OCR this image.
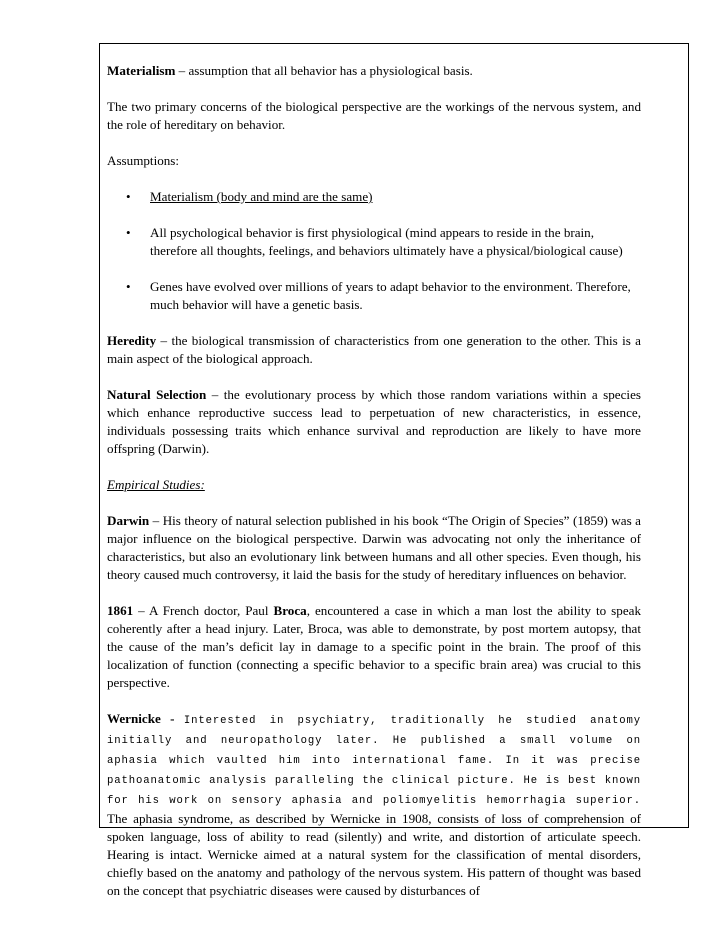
Materialism – assumption that all behavior has a physiological basis.

The two primary concerns of the biological perspective are the workings of the nervous system, and the role of hereditary on behavior.

Assumptions:

• Materialism (body and mind are the same)
• All psychological behavior is first physiological (mind appears to reside in the brain, therefore all thoughts, feelings, and behaviors ultimately have a physical/biological cause)
• Genes have evolved over millions of years to adapt behavior to the environment. Therefore, much behavior will have a genetic basis.

Heredity – the biological transmission of characteristics from one generation to the other. This is a main aspect of the biological approach.

Natural Selection – the evolutionary process by which those random variations within a species which enhance reproductive success lead to perpetuation of new characteristics, in essence, individuals possessing traits which enhance survival and reproduction are likely to have more offspring (Darwin).

Empirical Studies:

Darwin – His theory of natural selection published in his book “The Origin of Species” (1859) was a major influence on the biological perspective. Darwin was advocating not only the inheritance of characteristics, but also an evolutionary link between humans and all other species. Even though, his theory caused much controversy, it laid the basis for the study of hereditary influences on behavior.

1861 – A French doctor, Paul Broca, encountered a case in which a man lost the ability to speak coherently after a head injury. Later, Broca, was able to demonstrate, by post mortem autopsy, that the cause of the man’s deficit lay in damage to a specific point in the brain. The proof of this localization of function (connecting a specific behavior to a specific brain area) was crucial to this perspective.

Wernicke - Interested in psychiatry, traditionally he studied anatomy initially and neuropathology later. He published a small volume on aphasia which vaulted him into international fame. In it was precise pathoanatomic analysis paralleling the clinical picture. He is best known for his work on sensory aphasia and poliomyelitis hemorrhagia superior. The aphasia syndrome, as described by Wernicke in 1908, consists of loss of comprehension of spoken language, loss of ability to read (silently) and write, and distortion of articulate speech. Hearing is intact. Wernicke aimed at a natural system for the classification of mental disorders, chiefly based on the anatomy and pathology of the nervous system. His pattern of thought was based on the concept that psychiatric diseases were caused by disturbances of
